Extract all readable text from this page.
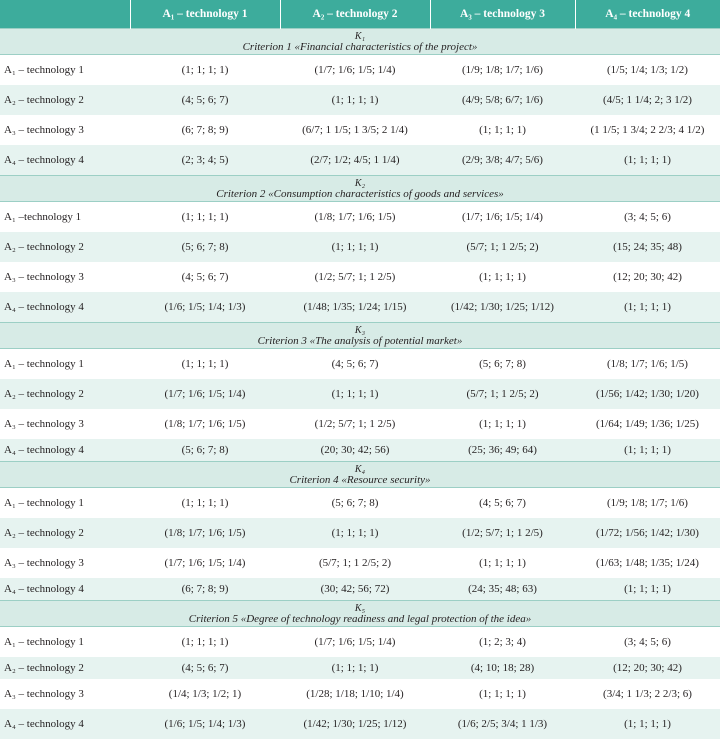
	A₁ – technology 1	A₂ – technology 2	A₃ – technology 3	A₄ – technology 4

K₁
Criterion 1 «Financial characteristics of the project»				

A₁ – technology 1	(1; 1; 1; 1)	(1/7; 1/6; 1/5; 1/4)	(1/9; 1/8; 1/7; 1/6)	(1/5; 1/4; 1/3; 1/2)
A₂ – technology 2	(4; 5; 6; 7)	(1; 1; 1; 1)	(4/9; 5/8; 6/7; 1/6)	(4/5; 1 1/4; 2; 3 1/2)
A₃ – technology 3	(6; 7; 8; 9)	(6/7; 1 1/5; 1 3/5; 2 1/4)	(1; 1; 1; 1)	(1 1/5; 1 3/4; 2 2/3; 4 1/2)
A₄ – technology 4	(2; 3; 4; 5)	(2/7; 1/2; 4/5; 1 1/4)	(2/9; 3/8; 4/7; 5/6)	(1; 1; 1; 1)

K₂
Criterion 2 «Consumption characteristics of goods and services»				

A₁ –technology 1	(1; 1; 1; 1)	(1/8; 1/7; 1/6; 1/5)	(1/7; 1/6; 1/5; 1/4)	(3; 4; 5; 6)
A₂ – technology 2	(5; 6; 7; 8)	(1; 1; 1; 1)	(5/7; 1; 1 2/5; 2)	(15; 24; 35; 48)
A₃ – technology 3	(4; 5; 6; 7)	(1/2; 5/7; 1; 1 2/5)	(1; 1; 1; 1)	(12; 20; 30; 42)
A₄ – technology 4	(1/6; 1/5; 1/4; 1/3)	(1/48; 1/35; 1/24; 1/15)	(1/42; 1/30; 1/25; 1/12)	(1; 1; 1; 1)

K₃
Criterion 3 «The analysis of potential market»				

A₁ – technology 1	(1; 1; 1; 1)	(4; 5; 6; 7)	(5; 6; 7; 8)	(1/8; 1/7; 1/6; 1/5)
A₂ – technology 2	(1/7; 1/6; 1/5; 1/4)	(1; 1; 1; 1)	(5/7; 1; 1 2/5; 2)	(1/56; 1/42; 1/30; 1/20)
A₃ – technology 3	(1/8; 1/7; 1/6; 1/5)	(1/2; 5/7; 1; 1 2/5)	(1; 1; 1; 1)	(1/64; 1/49; 1/36; 1/25)
A₄ – technology 4	(5; 6; 7; 8)	(20; 30; 42; 56)	(25; 36; 49; 64)	(1; 1; 1; 1)

K₄
Criterion 4 «Resource security»				

A₁ – technology 1	(1; 1; 1; 1)	(5; 6; 7; 8)	(4; 5; 6; 7)	(1/9; 1/8; 1/7; 1/6)
A₂ – technology 2	(1/8; 1/7; 1/6; 1/5)	(1; 1; 1; 1)	(1/2; 5/7; 1; 1 2/5)	(1/72; 1/56; 1/42; 1/30)
A₃ – technology 3	(1/7; 1/6; 1/5; 1/4)	(5/7; 1; 1 2/5; 2)	(1; 1; 1; 1)	(1/63; 1/48; 1/35; 1/24)
A₄ – technology 4	(6; 7; 8; 9)	(30; 42; 56; 72)	(24; 35; 48; 63)	(1; 1; 1; 1)

K₅
Criterion 5 «Degree of technology readiness and legal protection of the idea»				

A₁ – technology 1	(1; 1; 1; 1)	(1/7; 1/6; 1/5; 1/4)	(1; 2; 3; 4)	(3; 4; 5; 6)
A₂ – technology 2	(4; 5; 6; 7)	(1; 1; 1; 1)	(4; 10; 18; 28)	(12; 20; 30; 42)
A₃ – technology 3	(1/4; 1/3; 1/2; 1)	(1/28; 1/18; 1/10; 1/4)	(1; 1; 1; 1)	(3/4; 1 1/3; 2 2/3; 6)
A₄ – technology 4	(1/6; 1/5; 1/4; 1/3)	(1/42; 1/30; 1/25; 1/12)	(1/6; 2/5; 3/4; 1 1/3)	(1; 1; 1; 1)
